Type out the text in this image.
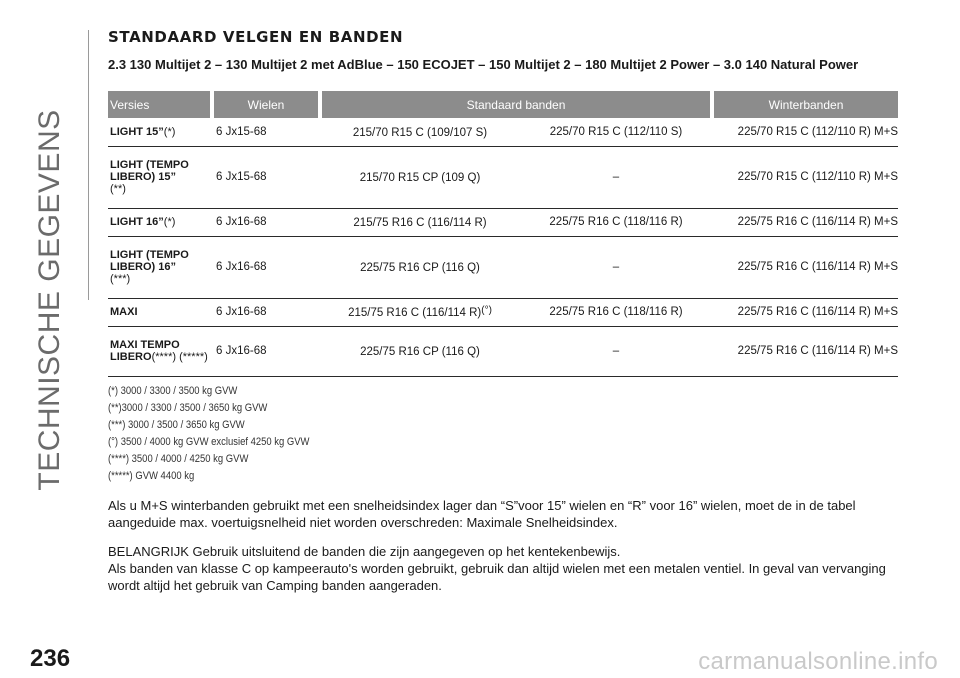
TECHNISCHE GEGEVENS
STANDAARD VELGEN EN BANDEN

2.3 130 Multijet 2 – 130 Multijet 2 met AdBlue – 150 ECOJET – 150 Multijet 2 – 180 Multijet 2 Power – 3.0 140 Natural Power

Versies	Wielen	Standaard banden		Winterbanden
LIGHT 15”(*)	6 Jx15-68	215/70 R15 C (109/107 S)	225/70 R15 C (112/110 S)	225/70 R15 C (112/110 R) M+S
LIGHT (TEMPO LIBERO) 15”
(**)	6 Jx15-68	215/70 R15 CP (109 Q)	–	225/70 R15 C (112/110 R) M+S
LIGHT 16”(*)	6 Jx16-68	215/75 R16 C (116/114 R)	225/75 R16 C (118/116 R)	225/75 R16 C (116/114 R) M+S
LIGHT (TEMPO LIBERO) 16”
(***)	6 Jx16-68	225/75 R16 CP (116 Q)	–	225/75 R16 C (116/114 R) M+S
MAXI	6 Jx16-68	215/75 R16 C (116/114 R)(°)	225/75 R16 C (118/116 R)	225/75 R16 C (116/114 R) M+S
MAXI TEMPO LIBERO(****) (*****)	6 Jx16-68	225/75 R16 CP (116 Q)	–	225/75 R16 C (116/114 R) M+S
(*) 3000 / 3300 / 3500 kg GVW
(**)3000 / 3300 / 3500 / 3650 kg GVW
(***) 3000 / 3500 / 3650 kg GVW
(°) 3500 / 4000 kg GVW exclusief 4250 kg GVW
(****) 3500 / 4000 / 4250 kg GVW
(*****) GVW 4400 kg

Als u M+S winterbanden gebruikt met een snelheidsindex lager dan “S”voor 15” wielen en “R” voor 16” wielen, moet de in de tabel aangeduide max. voertuigsnelheid niet worden overschreden: Maximale Snelheidsindex.

BELANGRIJK Gebruik uitsluitend de banden die zijn aangegeven op het kentekenbewijs.
Als banden van klasse C op kampeerauto's worden gebruikt, gebruik dan altijd wielen met een metalen ventiel. In geval van vervanging wordt altijd het gebruik van Camping banden aangeraden.

236	carmanualsonline.info
